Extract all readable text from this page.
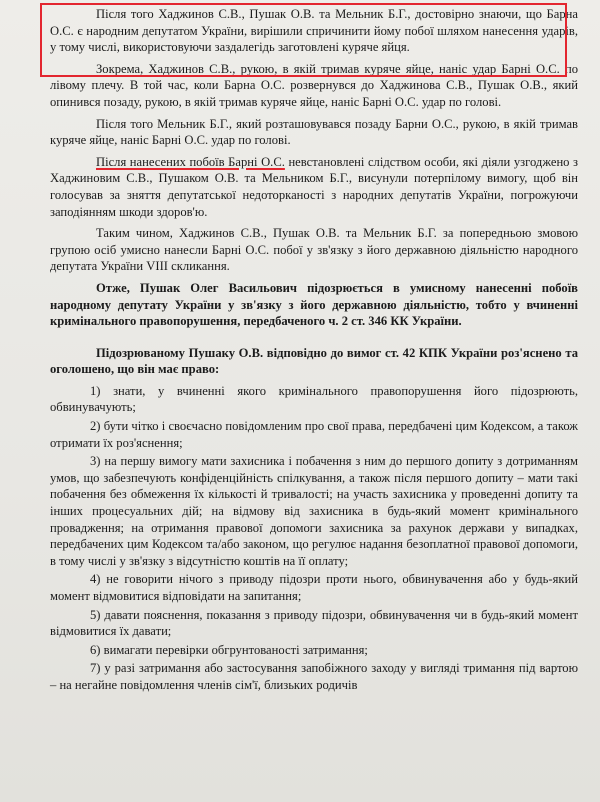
Після того Хаджинов С.В., Пушак О.В. та Мельник Б.Г., достовірно знаючи, що Барна О.С. є народним депутатом України, вирішили спричинити йому побої шляхом нанесення ударів, у тому числі, використовуючи заздалегідь заготовлені куряче яйця.

Зокрема, Хаджинов С.В., рукою, в якій тримав куряче яйце, наніс удар Барні О.С. по лівому плечу. В той час, коли Барна О.С. розвернувся до Хаджинова С.В., Пушак О.В., який опинився позаду, рукою, в якій тримав куряче яйце, наніс Барні О.С. удар по голові.

Після того Мельник Б.Г., який розташовувався позаду Барни О.С., рукою, в якій тримав куряче яйце, наніс Барні О.С. удар по голові.

Після нанесених побоїв Барні О.С. невстановлені слідством особи, які діяли узгоджено з Хаджиновим С.В., Пушаком О.В. та Мельником Б.Г., висунули потерпілому вимогу, щоб він голосував за зняття депутатської недоторканості з народних депутатів України, погрожуючи заподіянням шкоди здоров'ю.

Таким чином, Хаджинов С.В., Пушак О.В. та Мельник Б.Г. за попередньою змовою групою осіб умисно нанесли Барні О.С. побої у зв'язку з його державною діяльністю народного депутата України VIII скликання.

Отже, Пушак Олег Васильович підозрюється в умисному нанесенні побоїв народному депутату України у зв'язку з його державною діяльністю, тобто у вчиненні кримінального правопорушення, передбаченого ч. 2 ст. 346 КК України.

Підозрюваному Пушаку О.В. відповідно до вимог ст. 42 КПК України роз'яснено та оголошено, що він має право:

1) знати, у вчиненні якого кримінального правопорушення його підозрюють, обвинувачують;

2) бути чітко і своєчасно повідомленим про свої права, передбачені цим Кодексом, а також отримати їх роз'яснення;

3) на першу вимогу мати захисника і побачення з ним до першого допиту з дотриманням умов, що забезпечують конфіденційність спілкування, а також після першого допиту – мати такі побачення без обмеження їх кількості й тривалості; на участь захисника у проведенні допиту та інших процесуальних дій; на відмову від захисника в будь-який момент кримінального провадження; на отримання правової допомоги захисника за рахунок держави у випадках, передбачених цим Кодексом та/або законом, що регулює надання безоплатної правової допомоги, в тому числі у зв'язку з відсутністю коштів на її оплату;

4) не говорити нічого з приводу підозри проти нього, обвинувачення або у будь-який момент відмовитися відповідати на запитання;

5) давати пояснення, показання з приводу підозри, обвинувачення чи в будь-який момент відмовитися їх давати;

6) вимагати перевірки обгрунтованості затримання;

7) у разі затримання або застосування запобіжного заходу у вигляді тримання під вартою – на негайне повідомлення членів сім'ї, близьких родичів
